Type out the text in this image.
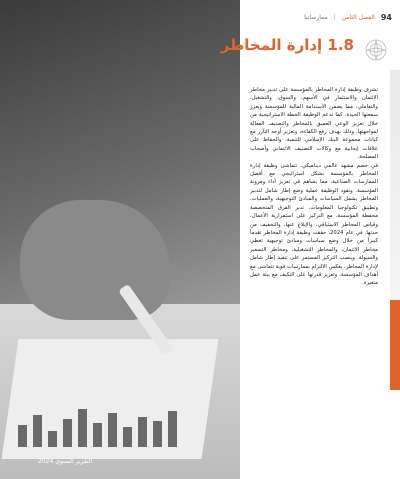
ممارساتنا | الفصل الثامن 94
1.8 إدارة المخاطر

تشرف وظيفة إدارة المخاطر بالمؤسسة على تدبير مخاطر الائتمان والاستثمار في الأسهم، والسوق، والتشغيل، والتعاملي، مما يضمن الاستدامة المالية للمؤسسة ويعزز سمعتها الجيدة. كما تدعم الوظيفة الخطة الاستراتيجية من خلال تعزيز الوعي العميق بالمخاطر والتصنيف الفعالة لمواجهتها، وذلك بهدف رفع الكفاءة، وتعزيز أوجه التآزر مع كيانات مجموعة البنك الإسلامي للتنمية، والحفاظ على علاقات إيجابية مع وكالات التصنيف الائتماني وأصحاب المصلحة.

في خضم مشهد عالمي ديناميكي، تتماشى وظيفة إدارة المخاطر بالمؤسسة بشكل استراتيجي مع أفضل الممارسات الصناعية، مما يساهم في تعزيز أداء ومرونة المؤسسة. وتقود الوظيفة عملية وضع إطار شامل لتدبير المخاطر يشمل السياسات والمبادئ التوجيهية، والعمليات، وتطبيق تكنولوجيا المعلومات. تدير الفرق المتخصصة محفظة المؤسسة، مع التركيز على استمرارية الأعمال، وقياس المخاطر الاستباقي، والإبلاغ عنها، والتخفيف من حدتها. في عام 2024، حققت وظيفة إدارة المخاطر تقدماً كبيراً من خلال وضع سياسات ومبادئ توجيهية تغطي مخاطر الائتمان، والمخاطر التشغيلية، ومخاطر التسعير والسيولة. وينصب التركيز المستمر على تنفيذ إطار شامل لإدارة المخاطر، يعكس الالتزام بممارسات قوية تتماشى مع أهداف المؤسسة، وتعزيز قدرتها على التكيف مع بيئة عمل متغيرة.

التقرير السنوي 2024
